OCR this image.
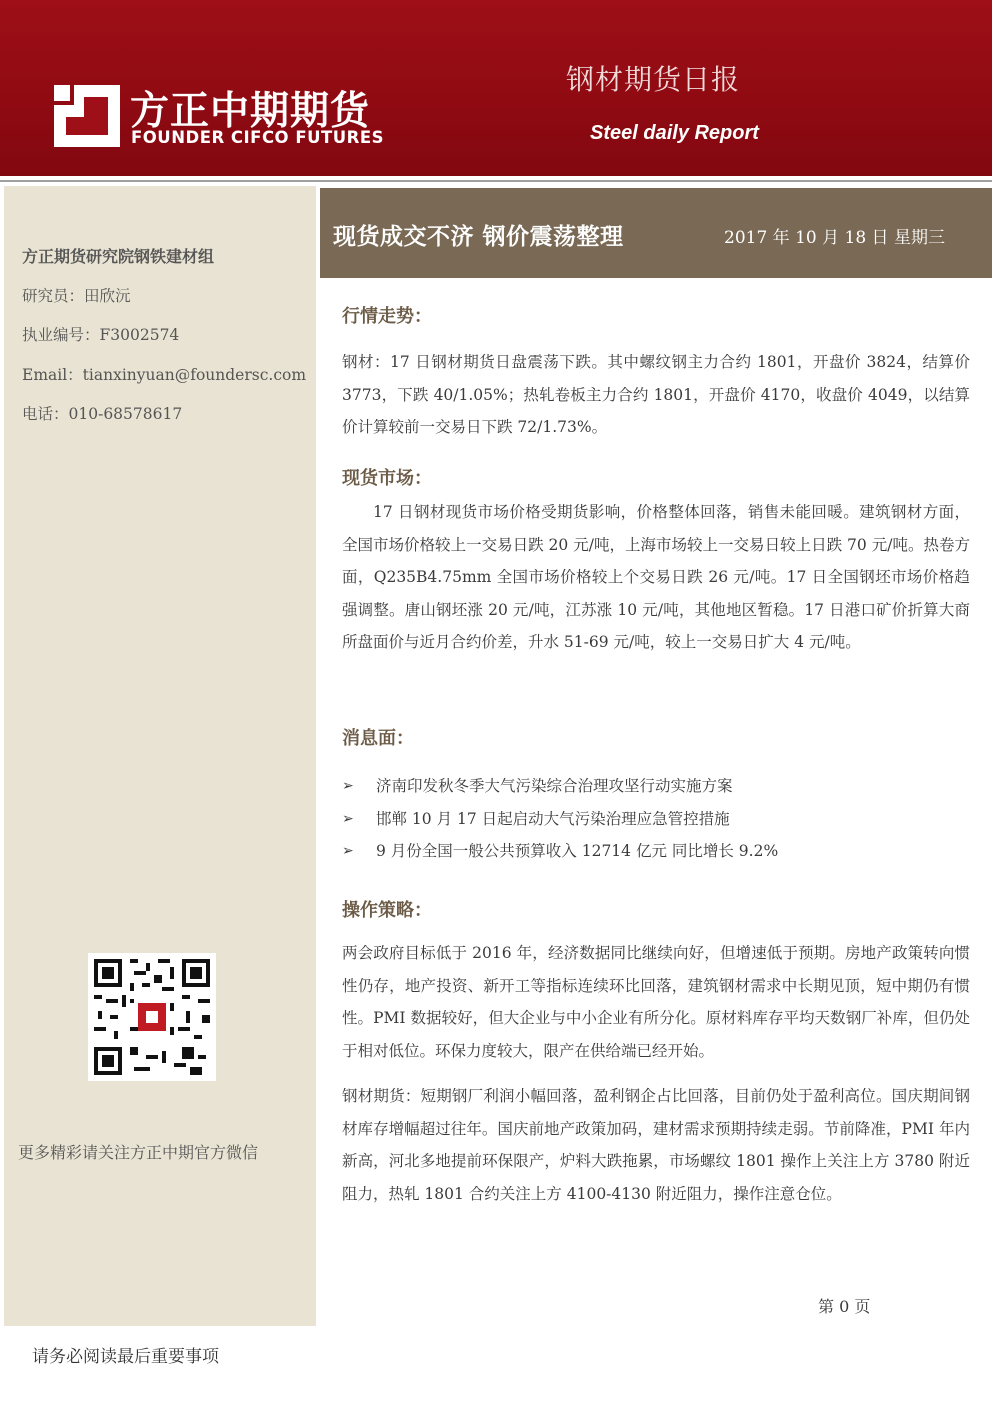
方正中期期货
FOUNDER CIFCO FUTURES
钢材期货日报
Steel daily Report
方正期货研究院钢铁建材组
研究员：田欣沅
执业编号：F3002574
Email：tianxinyuan@foundersc.com
电话：010-68578617
更多精彩请关注方正中期官方微信
现货成交不济 钢价震荡整理	2017 年 10 月 18 日 星期三
行情走势：

钢材：17 日钢材期货日盘震荡下跌。其中螺纹钢主力合约 1801，开盘价 3824，结算价 3773，下跌 40/1.05%；热轧卷板主力合约 1801，开盘价 4170，收盘价 4049，以结算价计算较前一交易日下跌 72/1.73%。

现货市场：

17 日钢材现货市场价格受期货影响，价格整体回落，销售未能回暖。建筑钢材方面，全国市场价格较上一交易日跌 20 元/吨，上海市场较上一交易日较上日跌 70 元/吨。热卷方面，Q235B4.75mm 全国市场价格较上个交易日跌 26 元/吨。17 日全国钢坯市场价格趋强调整。唐山钢坯涨 20 元/吨，江苏涨 10 元/吨，其他地区暂稳。17 日港口矿价折算大商所盘面价与近月合约价差，升水 51-69 元/吨，较上一交易日扩大 4 元/吨。

消息面：
➢	济南印发秋冬季大气污染综合治理攻坚行动实施方案
➢	邯郸 10 月 17 日起启动大气污染治理应急管控措施
➢	9 月份全国一般公共预算收入 12714 亿元 同比增长 9.2%
操作策略：

两会政府目标低于 2016 年，经济数据同比继续向好，但增速低于预期。房地产政策转向惯性仍存，地产投资、新开工等指标连续环比回落，建筑钢材需求中长期见顶，短中期仍有惯性。PMI 数据较好，但大企业与中小企业有所分化。原材料库存平均天数钢厂补库，但仍处于相对低位。环保力度较大，限产在供给端已经开始。

钢材期货：短期钢厂利润小幅回落，盈利钢企占比回落，目前仍处于盈利高位。国庆期间钢材库存增幅超过往年。国庆前地产政策加码，建材需求预期持续走弱。节前降准，PMI 年内新高，河北多地提前环保限产，炉料大跌拖累，市场螺纹 1801 操作上关注上方 3780 附近阻力，热轧 1801 合约关注上方 4100-4130 附近阻力，操作注意仓位。

第 0 页
请务必阅读最后重要事项
